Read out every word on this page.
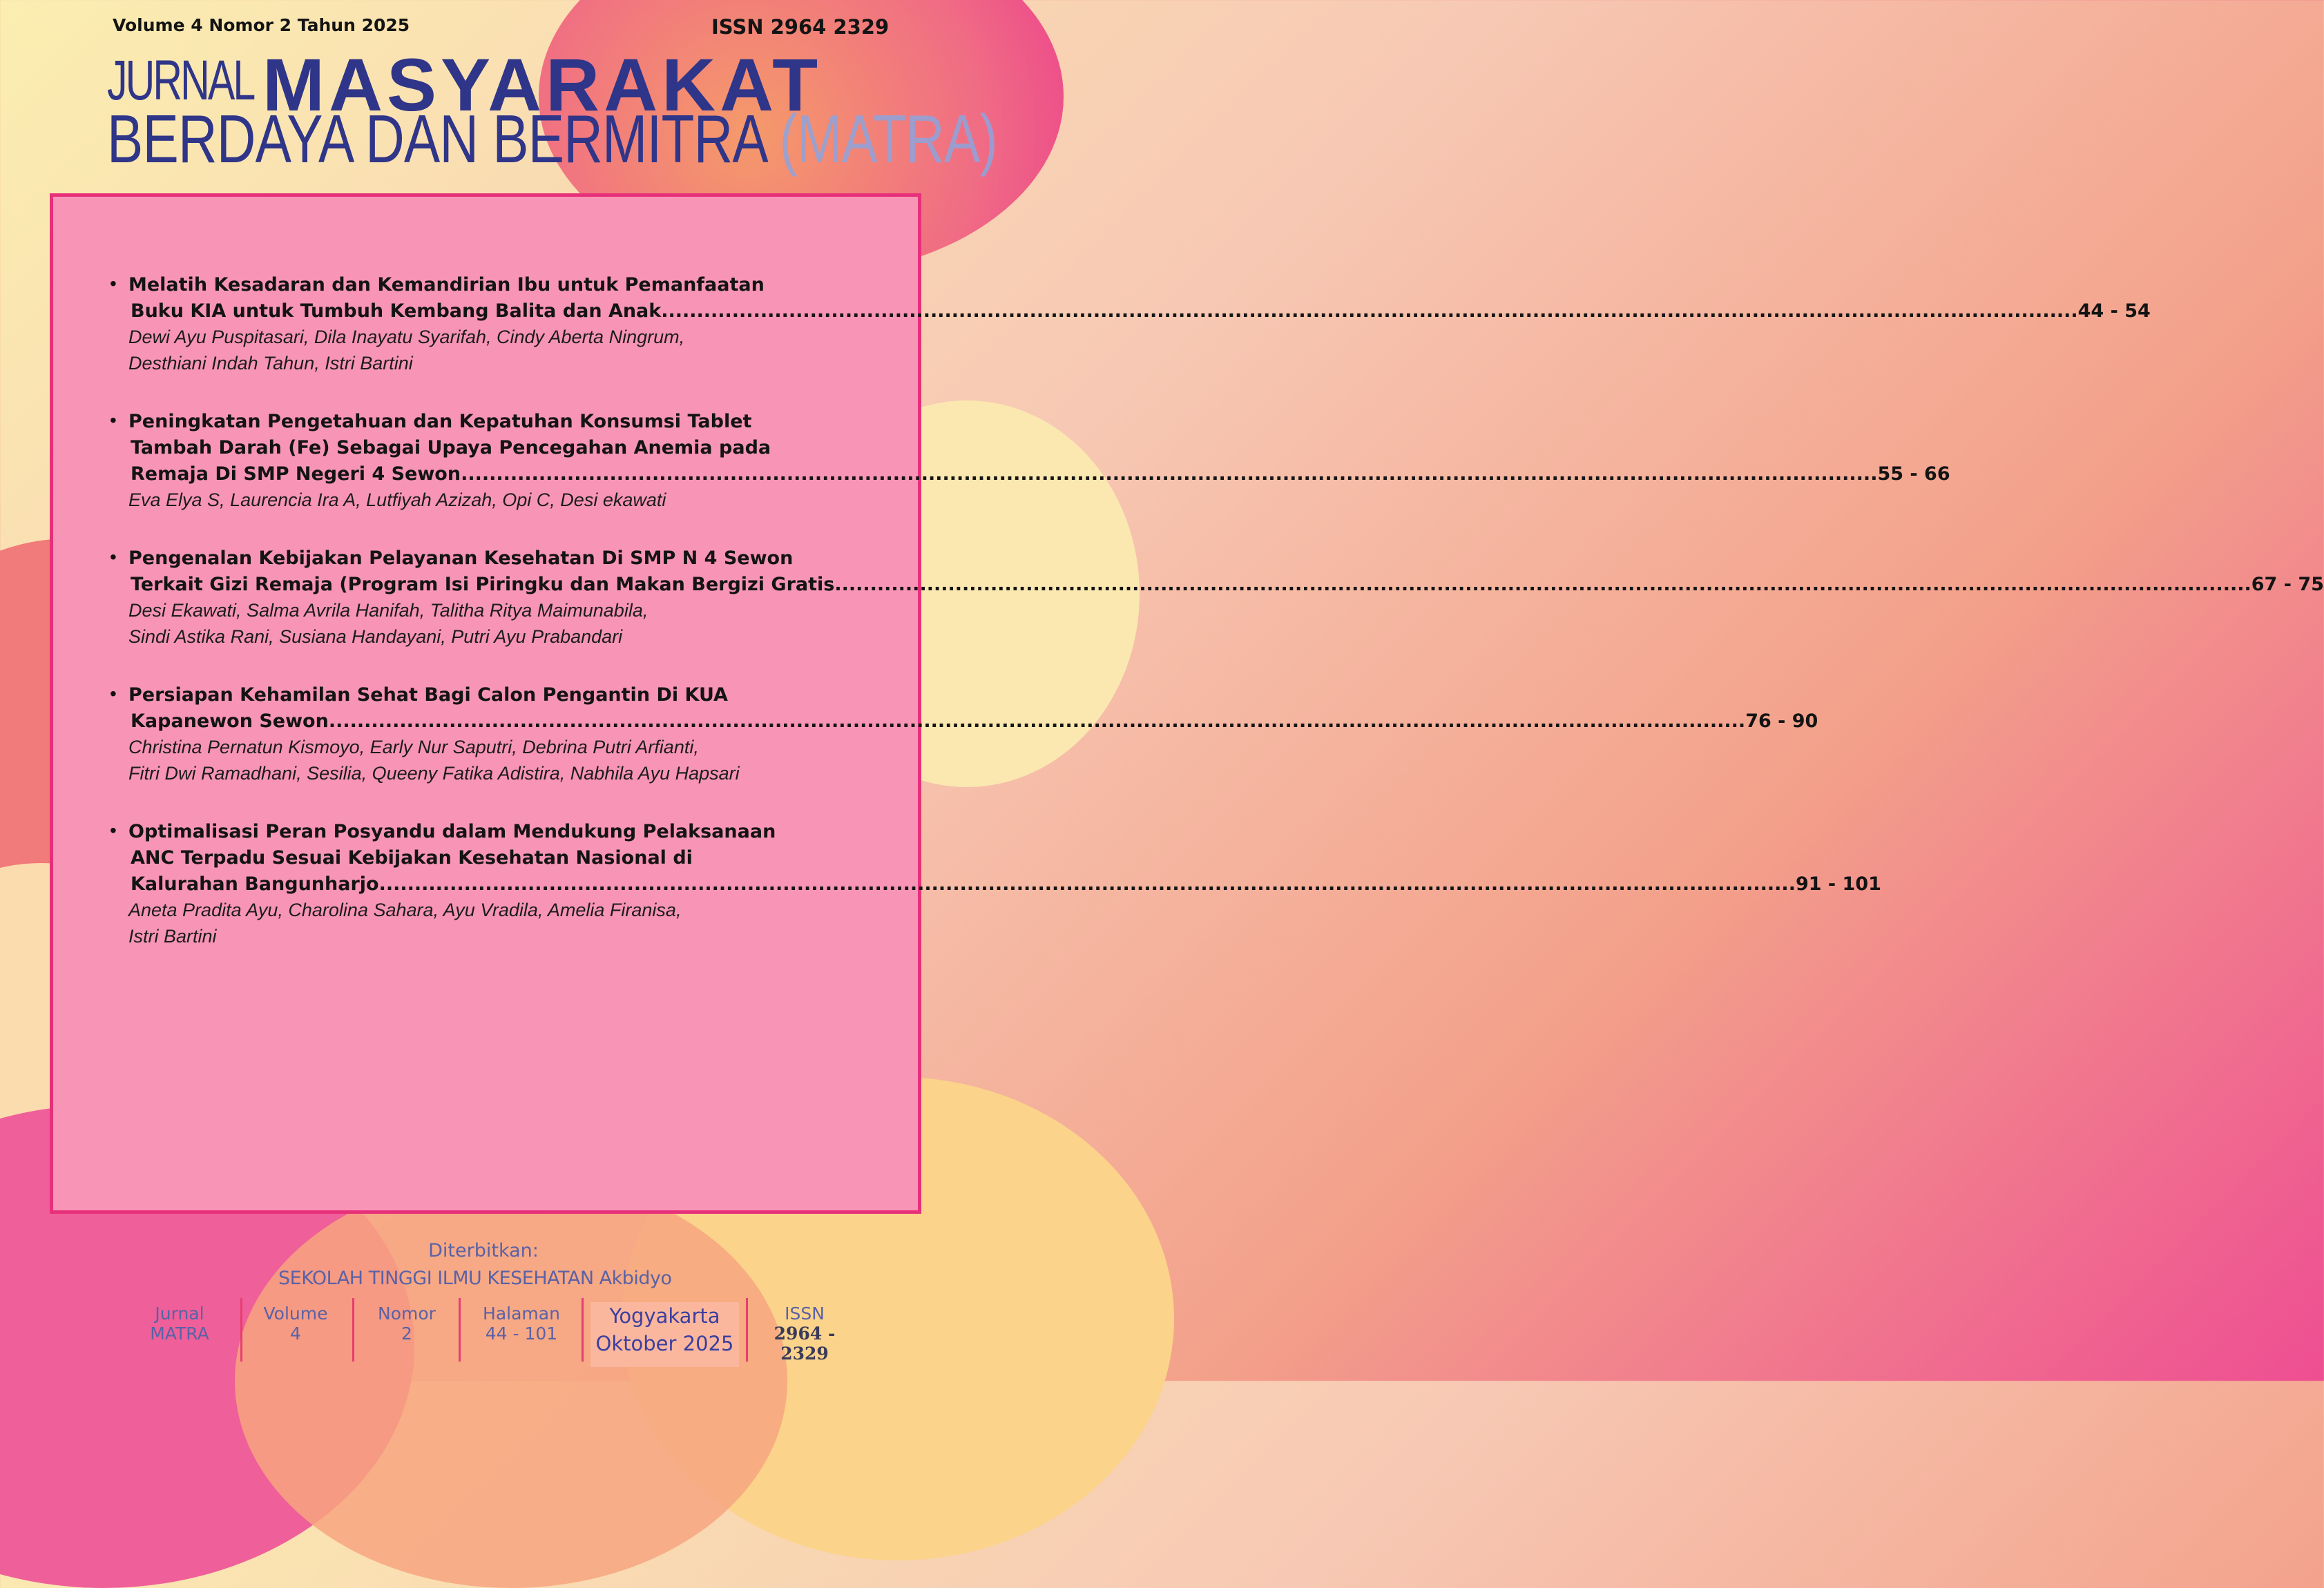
Volume 4 Nomor 2 Tahun 2025	ISSN 2964 2329
JURNAL MASYARAKAT
BERDAYA DAN BERMITRA (MATRA)
• Melatih Kesadaran dan Kemandirian Ibu untuk Pemanfaatan
Buku KIA untuk Tumbuh Kembang Balita dan Anak ........................................................................................................................................................................................................ 44 - 54
Dewi Ayu Puspitasari, Dila Inayatu Syarifah, Cindy Aberta Ningrum,
Desthiani Indah Tahun, Istri Bartini
• Peningkatan Pengetahuan dan Kepatuhan Konsumsi Tablet
Tambah Darah (Fe) Sebagai Upaya Pencegahan Anemia pada
Remaja Di SMP Negeri 4 Sewon ........................................................................................................................................................................................................ 55 - 66
Eva Elya S, Laurencia Ira A, Lutfiyah Azizah, Opi C, Desi ekawati
• Pengenalan Kebijakan Pelayanan Kesehatan Di SMP N 4 Sewon
Terkait Gizi Remaja (Program Isi Piringku dan Makan Bergizi Gratis ........................................................................................................................................................................................................ 67 - 75
Desi Ekawati, Salma Avrila Hanifah, Talitha Ritya Maimunabila,
Sindi Astika Rani, Susiana Handayani, Putri Ayu Prabandari
• Persiapan Kehamilan Sehat Bagi Calon Pengantin Di KUA
Kapanewon Sewon ........................................................................................................................................................................................................ 76 - 90
Christina Pernatun Kismoyo, Early Nur Saputri, Debrina Putri Arfianti,
Fitri Dwi Ramadhani, Sesilia, Queeny Fatika Adistira, Nabhila Ayu Hapsari
• Optimalisasi Peran Posyandu dalam Mendukung Pelaksanaan
ANC Terpadu Sesuai Kebijakan Kesehatan Nasional di
Kalurahan Bangunharjo ........................................................................................................................................................................................................ 91 - 101
Aneta Pradita Ayu, Charolina Sahara, Ayu Vradila, Amelia Firanisa,
Istri Bartini
Diterbitkan:
SEKOLAH TINGGI ILMU KESEHATAN Akbidyo
Jurnal
MATRA
Volume
4
Nomor
2
Halaman
44 - 101
Yogyakarta
Oktober 2025
ISSN
2964 - 2329
